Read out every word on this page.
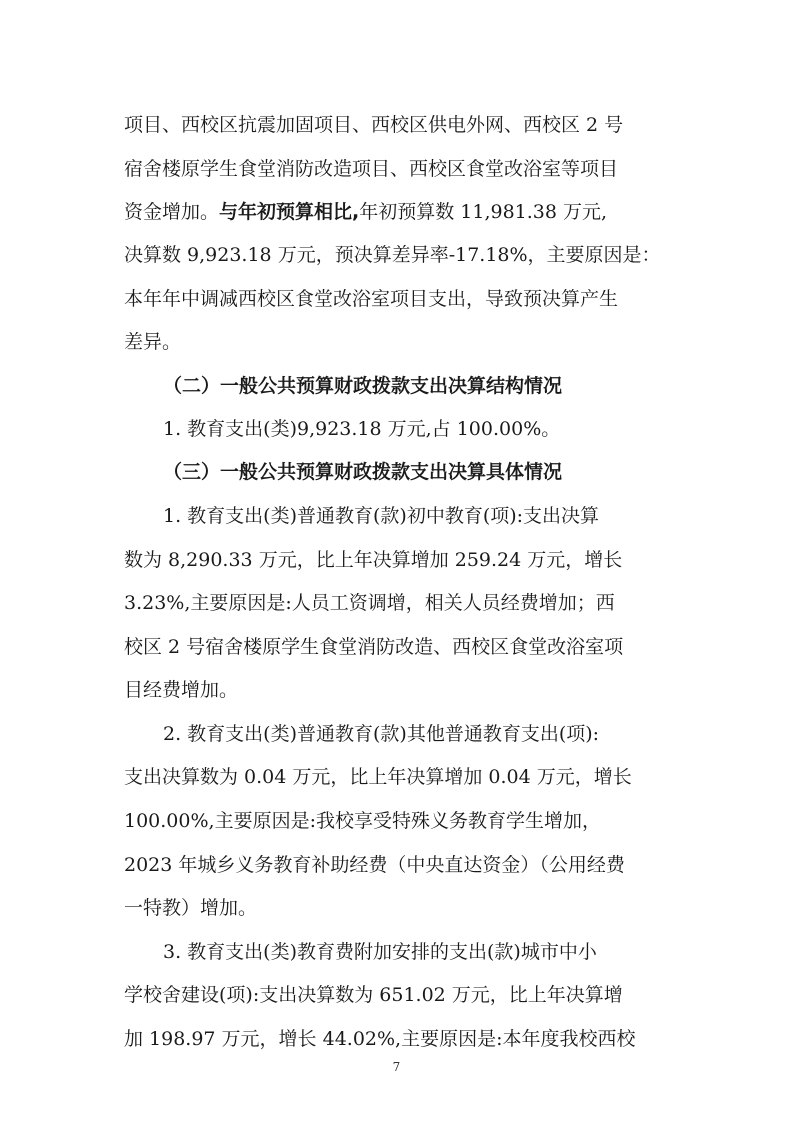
项目、西校区抗震加固项目、西校区供电外网、西校区 2 号
宿舍楼原学生食堂消防改造项目、西校区食堂改浴室等项目
资金增加。与年初预算相比,年初预算数 11,981.38 万元,
决算数 9,923.18 万元，预决算差异率-17.18%，主要原因是：
本年年中调减西校区食堂改浴室项目支出，导致预决算产生
差异。
（二）一般公共预算财政拨款支出决算结构情况
1. 教育支出(类)9,923.18 万元,占 100.00%。
（三）一般公共预算财政拨款支出决算具体情况
1. 教育支出(类)普通教育(款)初中教育(项):支出决算
数为 8,290.33 万元，比上年决算增加 259.24 万元，增长
3.23%,主要原因是:人员工资调增，相关人员经费增加；西
校区 2 号宿舍楼原学生食堂消防改造、西校区食堂改浴室项
目经费增加。
2. 教育支出(类)普通教育(款)其他普通教育支出(项):
支出决算数为 0.04 万元，比上年决算增加 0.04 万元，增长
100.00%,主要原因是:我校享受特殊义务教育学生增加，
2023 年城乡义务教育补助经费（中央直达资金）（公用经费
一特教）增加。
3. 教育支出(类)教育费附加安排的支出(款)城市中小
学校舍建设(项):支出决算数为 651.02 万元，比上年决算增
7
加 198.97 万元，增长 44.02%,主要原因是:本年度我校西校
